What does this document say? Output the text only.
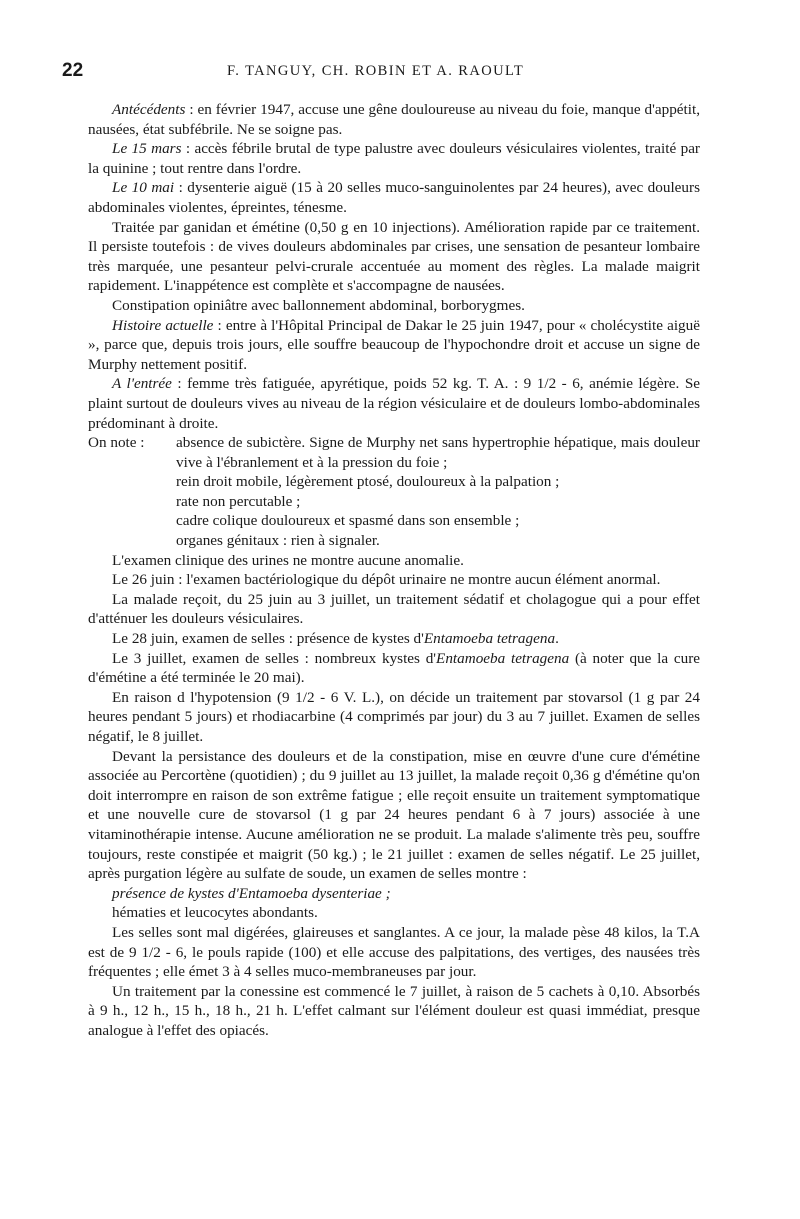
22	F. TANGUY, CH. ROBIN ET A. RAOULT

Antécédents : en février 1947, accuse une gêne douloureuse au niveau du foie, manque d'appétit, nausées, état subfébrile. Ne se soigne pas.

Le 15 mars : accès fébrile brutal de type palustre avec douleurs vésiculaires violentes, traité par la quinine ; tout rentre dans l'ordre.

Le 10 mai : dysenterie aiguë (15 à 20 selles muco-sanguinolentes par 24 heures), avec douleurs abdominales violentes, épreintes, ténesme.

Traitée par ganidan et émétine (0,50 g en 10 injections). Amélioration rapide par ce traitement. Il persiste toutefois : de vives douleurs abdominales par crises, une sensation de pesanteur lombaire très marquée, une pesanteur pelvi-crurale accentuée au moment des règles. La malade maigrit rapidement. L'inappétence est complète et s'accompagne de nausées.

Constipation opiniâtre avec ballonnement abdominal, borborygmes.

Histoire actuelle : entre à l'Hôpital Principal de Dakar le 25 juin 1947, pour « cholécystite aiguë », parce que, depuis trois jours, elle souffre beaucoup de l'hypochondre droit et accuse un signe de Murphy nettement positif.

A l'entrée : femme très fatiguée, apyrétique, poids 52 kg. T. A. : 9 1/2 - 6, anémie légère. Se plaint surtout de douleurs vives au niveau de la région vésiculaire et de douleurs lombo-abdominales prédominant à droite.

On note :	absence de subictère. Signe de Murphy net sans hypertrophie hépatique, mais douleur vive à l'ébranlement et à la pression du foie ;

rein droit mobile, légèrement ptosé, douloureux à la palpation ;

rate non percutable ;

cadre colique douloureux et spasmé dans son ensemble ;

organes génitaux : rien à signaler.

L'examen clinique des urines ne montre aucune anomalie.

Le 26 juin : l'examen bactériologique du dépôt urinaire ne montre aucun élément anormal.

La malade reçoit, du 25 juin au 3 juillet, un traitement sédatif et cholagogue qui a pour effet d'atténuer les douleurs vésiculaires.

Le 28 juin, examen de selles : présence de kystes d'Entamoeba tetragena.

Le 3 juillet, examen de selles : nombreux kystes d'Entamoeba tetragena (à noter que la cure d'émétine a été terminée le 20 mai).

En raison d l'hypotension (9 1/2 - 6 V. L.), on décide un traitement par stovarsol (1 g par 24 heures pendant 5 jours) et rhodiacarbine (4 comprimés par jour) du 3 au 7 juillet. Examen de selles négatif, le 8 juillet.

Devant la persistance des douleurs et de la constipation, mise en œuvre d'une cure d'émétine associée au Percortène (quotidien) ; du 9 juillet au 13 juillet, la malade reçoit 0,36 g d'émétine qu'on doit interrompre en raison de son extrême fatigue ; elle reçoit ensuite un traitement symptomatique et une nouvelle cure de stovarsol (1 g par 24 heures pendant 6 à 7 jours) associée à une vitaminothérapie intense. Aucune amélioration ne se produit. La malade s'alimente très peu, souffre toujours, reste constipée et maigrit (50 kg.) ; le 21 juillet : examen de selles négatif. Le 25 juillet, après purgation légère au sulfate de soude, un examen de selles montre :

présence de kystes d'Entamoeba dysenteriae ;

hématies et leucocytes abondants.

Les selles sont mal digérées, glaireuses et sanglantes. A ce jour, la malade pèse 48 kilos, la T.A est de 9 1/2 - 6, le pouls rapide (100) et elle accuse des palpitations, des vertiges, des nausées très fréquentes ; elle émet 3 à 4 selles muco-membraneuses par jour.

Un traitement par la conessine est commencé le 7 juillet, à raison de 5 cachets à 0,10. Absorbés à 9 h., 12 h., 15 h., 18 h., 21 h. L'effet calmant sur l'élément douleur est quasi immédiat, presque analogue à l'effet des opiacés.
